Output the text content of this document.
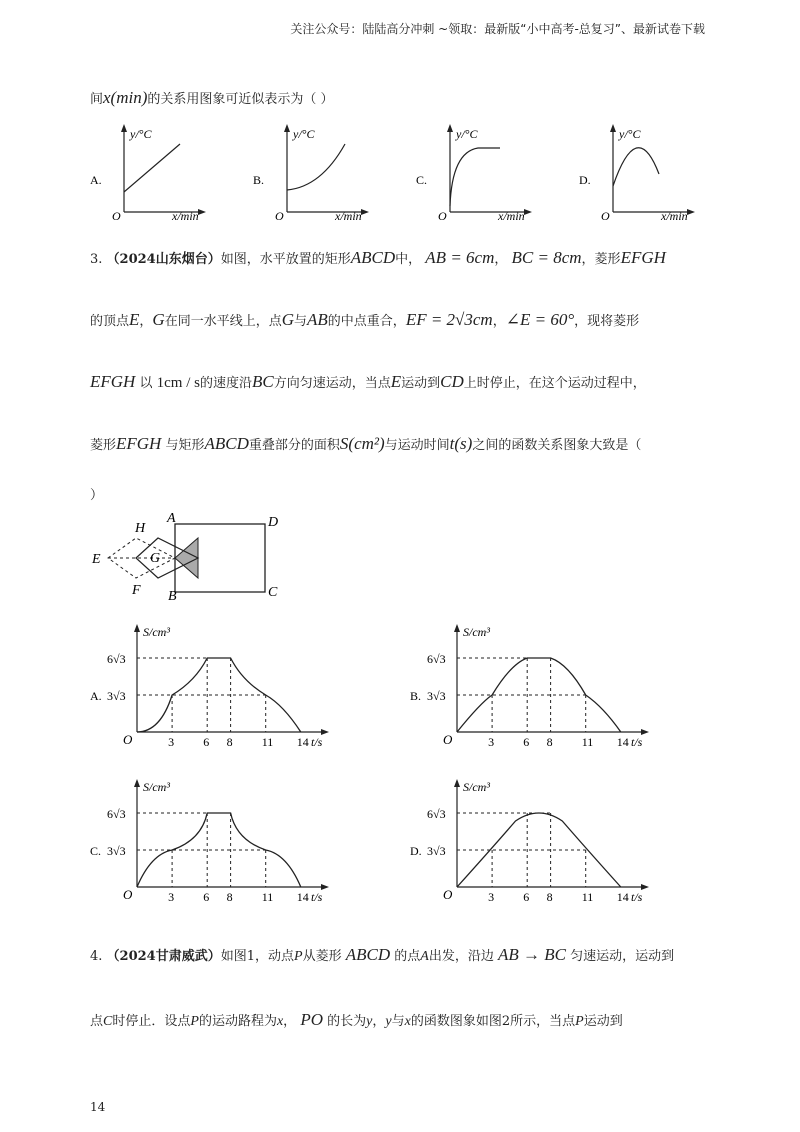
关注公众号：陆陆高分冲刺 ~领取：最新版“小中高考-总复习”、最新试卷下载
间x(min)的关系用图象可近似表示为（ ）
A.
y/°C
x/min
O
B.
y/°C
x/min
O
C.
y/°C
x/min
O
D.
y/°C
x/min
O
3. （2024山东烟台）如图，水平放置的矩形ABCD中， AB = 6cm， BC = 8cm，菱形EFGH
的顶点E，G在同一水平线上，点G与AB的中点重合，EF = 2√3cm，∠E = 60°，现将菱形
EFGH 以 1cm / s的速度沿BC方向匀速运动，当点E运动到CD上时停止，在这个运动过程中，
菱形EFGH 与矩形ABCD重叠部分的面积S(cm²)与运动时间t(s)之间的函数关系图象大致是（
）
A	D
B	C
E
F
G
H
A.
S/cm³
t/s
O
6√3
3√3
3 6 8 11 14
B.
S/cm³
t/s
O
6√3
3√3
3 6 8 11 14
C.
S/cm³
t/s
O
6√3
3√3
3 6 8 11 14
D.
S/cm³
t/s
O
6√3
3√3
3 6 8 11 14
4. （2024甘肃威武）如图1，动点P从菱形 ABCD 的点A出发，沿边 AB → BC 匀速运动，运动到
点C时停止．设点P的运动路程为x， PO 的长为y，y与x的函数图象如图2所示，当点P运动到
14
